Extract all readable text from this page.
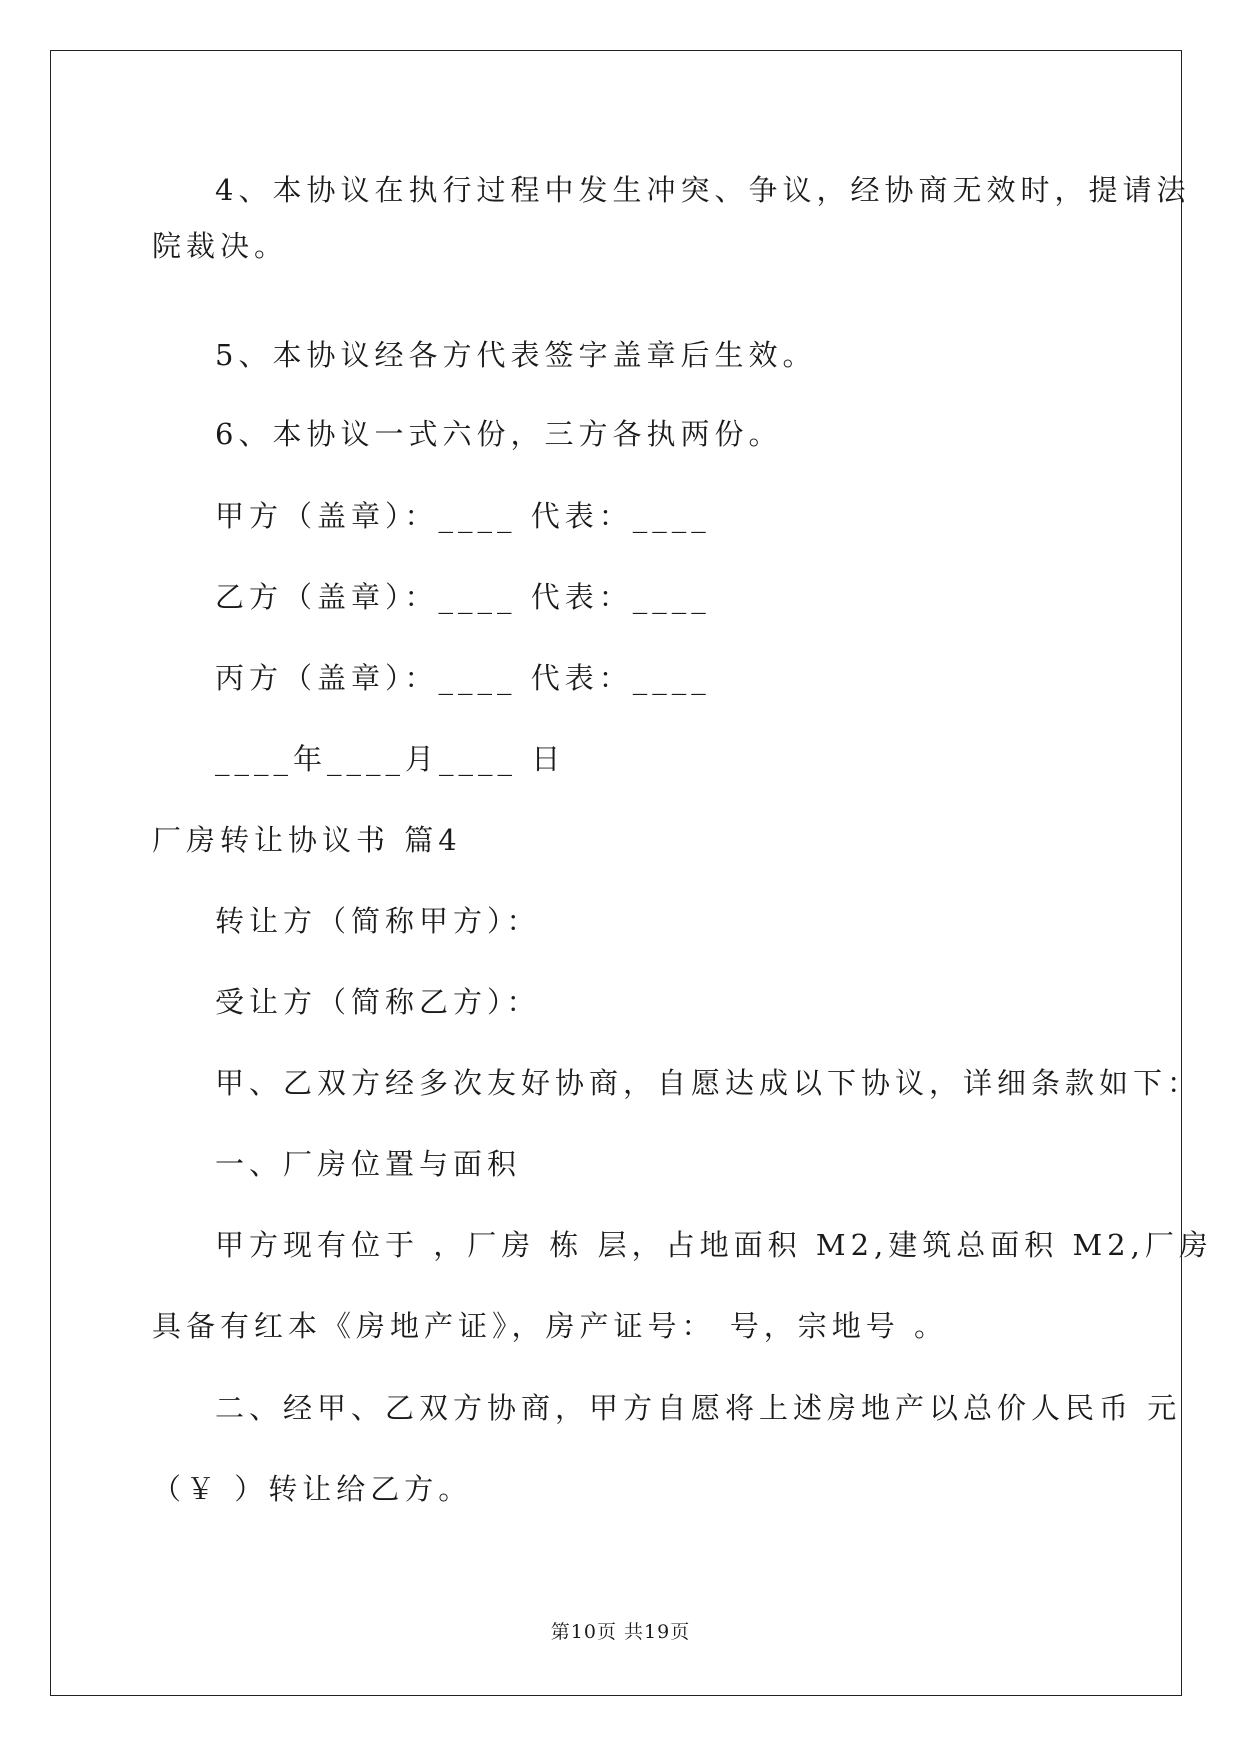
4、本协议在执行过程中发生冲突、争议，经协商无效时，提请法
院裁决。
5、本协议经各方代表签字盖章后生效。
6、本协议一式六份，三方各执两份。
甲方（盖章）：____ 代表：____
乙方（盖章）：____ 代表：____
丙方（盖章）：____ 代表：____
____年____月____ 日
厂房转让协议书 篇4
转让方（简称甲方）：
受让方（简称乙方）：
甲、乙双方经多次友好协商，自愿达成以下协议，详细条款如下：
一、厂房位置与面积
甲方现有位于 ，厂房 栋 层，占地面积 M2,建筑总面积 M2,厂房
具备有红本《房地产证》，房产证号： 号，宗地号 。
二、经甲、乙双方协商，甲方自愿将上述房地产以总价人民币 元
（￥ ）转让给乙方。
第10页 共19页
